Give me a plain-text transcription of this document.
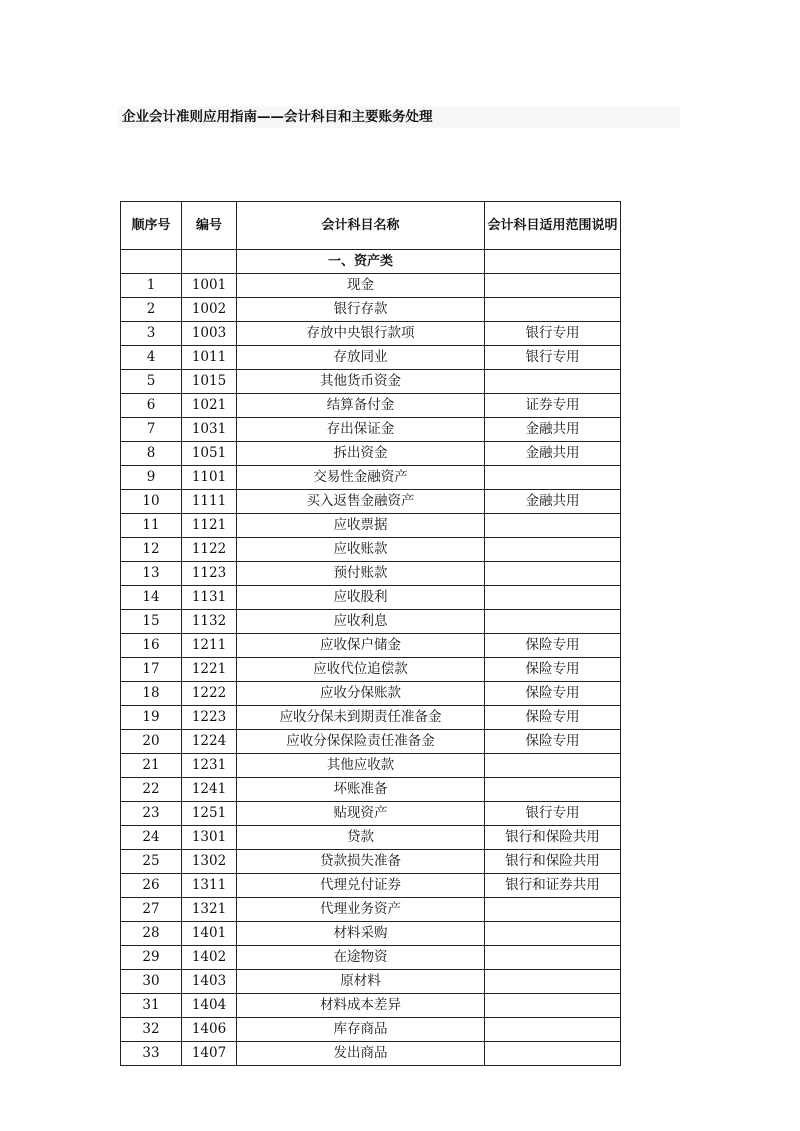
企业会计准则应用指南——会计科目和主要账务处理
顺序号	编号	会计科目名称	会计科目适用范围说明
		一、资产类	
1	1001	现金	
2	1002	银行存款	
3	1003	存放中央银行款项	银行专用
4	1011	存放同业	银行专用
5	1015	其他货币资金	
6	1021	结算备付金	证券专用
7	1031	存出保证金	金融共用
8	1051	拆出资金	金融共用
9	1101	交易性金融资产	
10	1111	买入返售金融资产	金融共用
11	1121	应收票据	
12	1122	应收账款	
13	1123	预付账款	
14	1131	应收股利	
15	1132	应收利息	
16	1211	应收保户储金	保险专用
17	1221	应收代位追偿款	保险专用
18	1222	应收分保账款	保险专用
19	1223	应收分保未到期责任准备金	保险专用
20	1224	应收分保保险责任准备金	保险专用
21	1231	其他应收款	
22	1241	坏账准备	
23	1251	贴现资产	银行专用
24	1301	贷款	银行和保险共用
25	1302	贷款损失准备	银行和保险共用
26	1311	代理兑付证券	银行和证券共用
27	1321	代理业务资产	
28	1401	材料采购	
29	1402	在途物资	
30	1403	原材料	
31	1404	材料成本差异	
32	1406	库存商品	
33	1407	发出商品	
